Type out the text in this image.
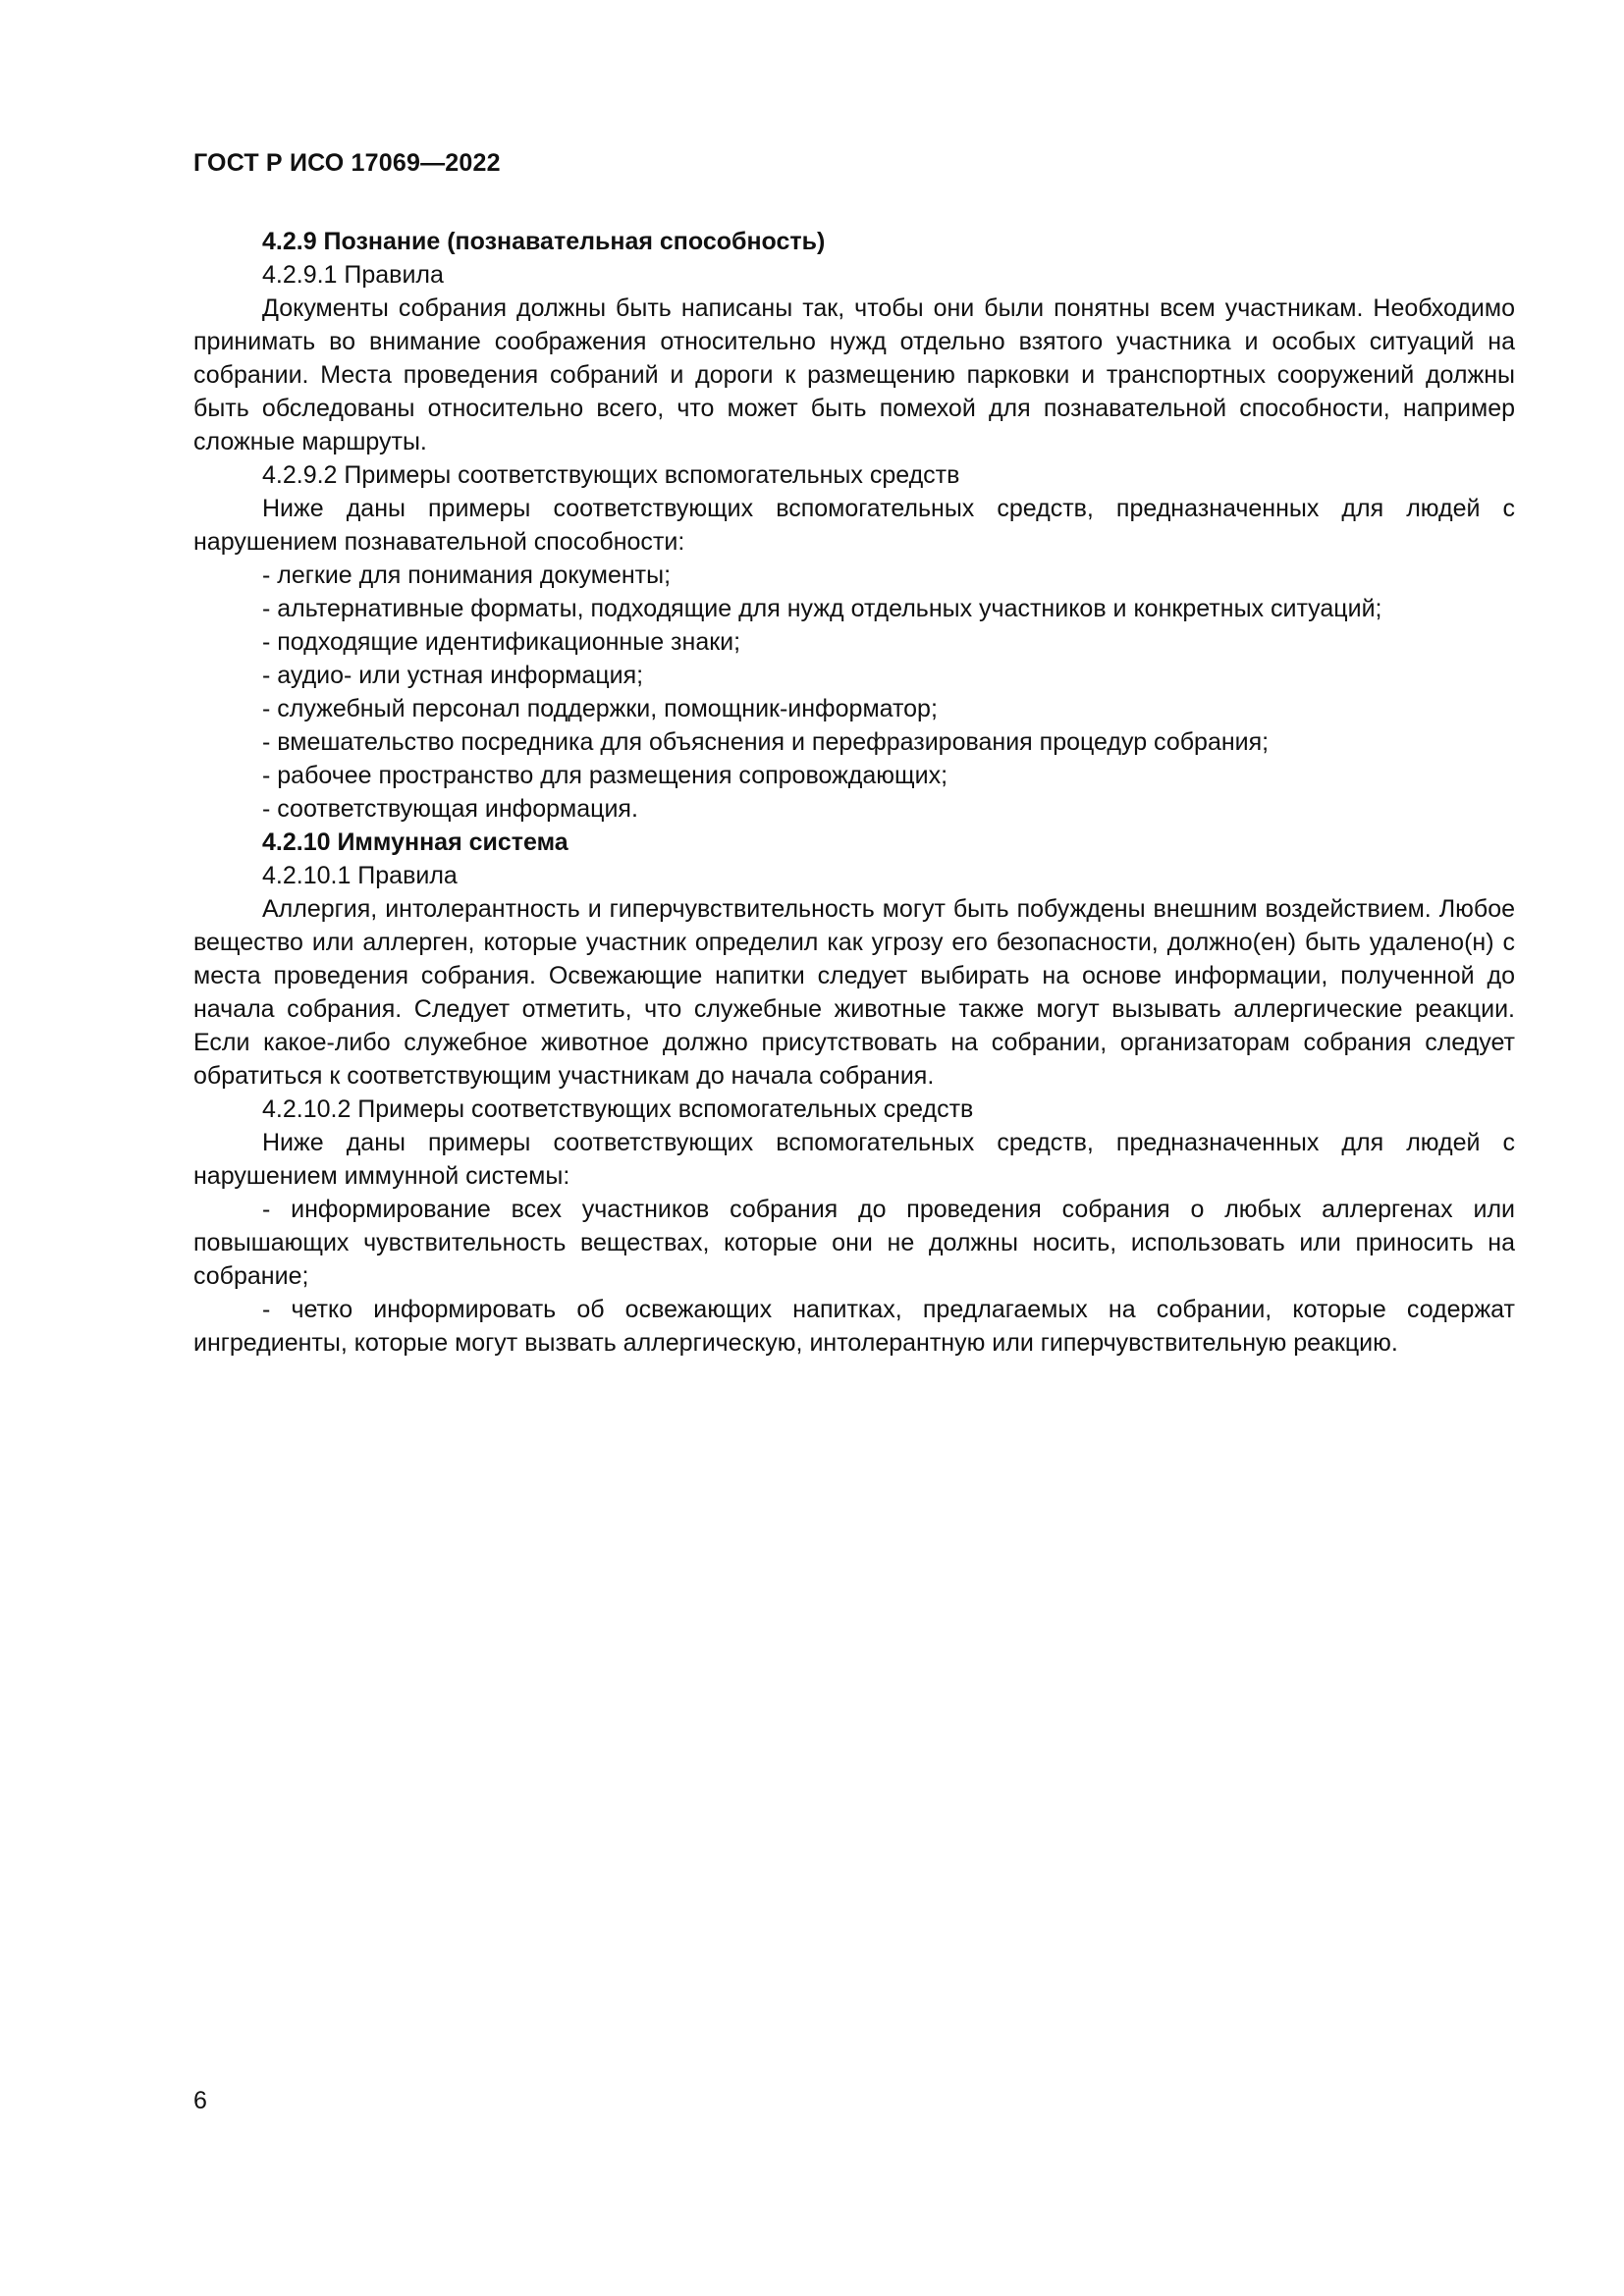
ГОСТ Р ИСО 17069—2022

4.2.9 Познание (познавательная способность)

4.2.9.1 Правила

Документы собрания должны быть написаны так, чтобы они были понятны всем участникам. Необходимо принимать во внимание соображения относительно нужд отдельно взятого участника и особых ситуаций на собрании. Места проведения собраний и дороги к размещению парковки и транспортных сооружений должны быть обследованы относительно всего, что может быть помехой для познавательной способности, например сложные маршруты.

4.2.9.2 Примеры соответствующих вспомогательных средств

Ниже даны примеры соответствующих вспомогательных средств, предназначенных для людей с нарушением познавательной способности:

- легкие для понимания документы;

- альтернативные форматы, подходящие для нужд отдельных участников и конкретных ситуаций;

- подходящие идентификационные знаки;

- аудио- или устная информация;

- служебный персонал поддержки, помощник-информатор;

- вмешательство посредника для объяснения и перефразирования процедур собрания;

- рабочее пространство для размещения сопровождающих;

- соответствующая информация.

4.2.10 Иммунная система

4.2.10.1 Правила

Аллергия, интолерантность и гиперчувствительность могут быть побуждены внешним воздействием. Любое вещество или аллерген, которые участник определил как угрозу его безопасности, должно(ен) быть удалено(н) с места проведения собрания. Освежающие напитки следует выбирать на основе информации, полученной до начала собрания. Следует отметить, что служебные животные также могут вызывать аллергические реакции. Если какое-либо служебное животное должно присутствовать на собрании, организаторам собрания следует обратиться к соответствующим участникам до начала собрания.

4.2.10.2 Примеры соответствующих вспомогательных средств

Ниже даны примеры соответствующих вспомогательных средств, предназначенных для людей с нарушением иммунной системы:

- информирование всех участников собрания до проведения собрания о любых аллергенах или повышающих чувствительность веществах, которые они не должны носить, использовать или приносить на собрание;

- четко информировать об освежающих напитках, предлагаемых на собрании, которые содержат ингредиенты, которые могут вызвать аллергическую, интолерантную или гиперчувствительную реакцию.

6
